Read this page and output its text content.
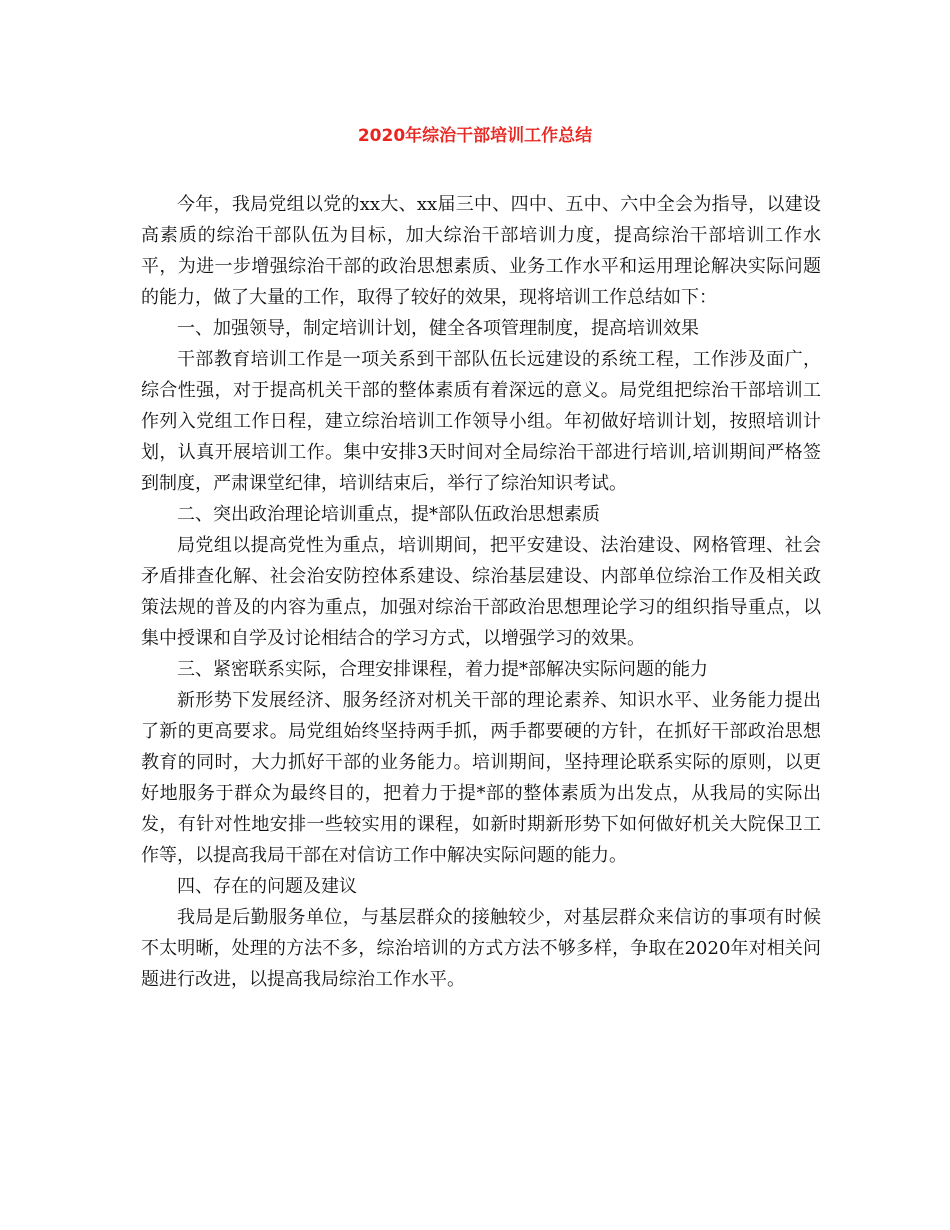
2020年综治干部培训工作总结

今年，我局党组以党的xx大、xx届三中、四中、五中、六中全会为指导，以建设高素质的综治干部队伍为目标，加大综治干部培训力度，提高综治干部培训工作水平，为进一步增强综治干部的政治思想素质、业务工作水平和运用理论解决实际问题的能力，做了大量的工作，取得了较好的效果，现将培训工作总结如下：

一、加强领导，制定培训计划，健全各项管理制度，提高培训效果

干部教育培训工作是一项关系到干部队伍长远建设的系统工程，工作涉及面广，综合性强，对于提高机关干部的整体素质有着深远的意义。局党组把综治干部培训工作列入党组工作日程，建立综治培训工作领导小组。年初做好培训计划，按照培训计划，认真开展培训工作。集中安排3天时间对全局综治干部进行培训,培训期间严格签到制度，严肃课堂纪律，培训结束后，举行了综治知识考试。

二、突出政治理论培训重点，提*部队伍政治思想素质

局党组以提高党性为重点，培训期间，把平安建设、法治建设、网格管理、社会矛盾排查化解、社会治安防控体系建设、综治基层建设、内部单位综治工作及相关政策法规的普及的内容为重点，加强对综治干部政治思想理论学习的组织指导重点，以集中授课和自学及讨论相结合的学习方式，以增强学习的效果。

三、紧密联系实际，合理安排课程，着力提*部解决实际问题的能力

新形势下发展经济、服务经济对机关干部的理论素养、知识水平、业务能力提出了新的更高要求。局党组始终坚持两手抓，两手都要硬的方针，在抓好干部政治思想教育的同时，大力抓好干部的业务能力。培训期间，坚持理论联系实际的原则，以更好地服务于群众为最终目的，把着力于提*部的整体素质为出发点，从我局的实际出发，有针对性地安排一些较实用的课程，如新时期新形势下如何做好机关大院保卫工作等，以提高我局干部在对信访工作中解决实际问题的能力。

四、存在的问题及建议

我局是后勤服务单位，与基层群众的接触较少，对基层群众来信访的事项有时候不太明晰，处理的方法不多，综治培训的方式方法不够多样，争取在2020年对相关问题进行改进，以提高我局综治工作水平。
